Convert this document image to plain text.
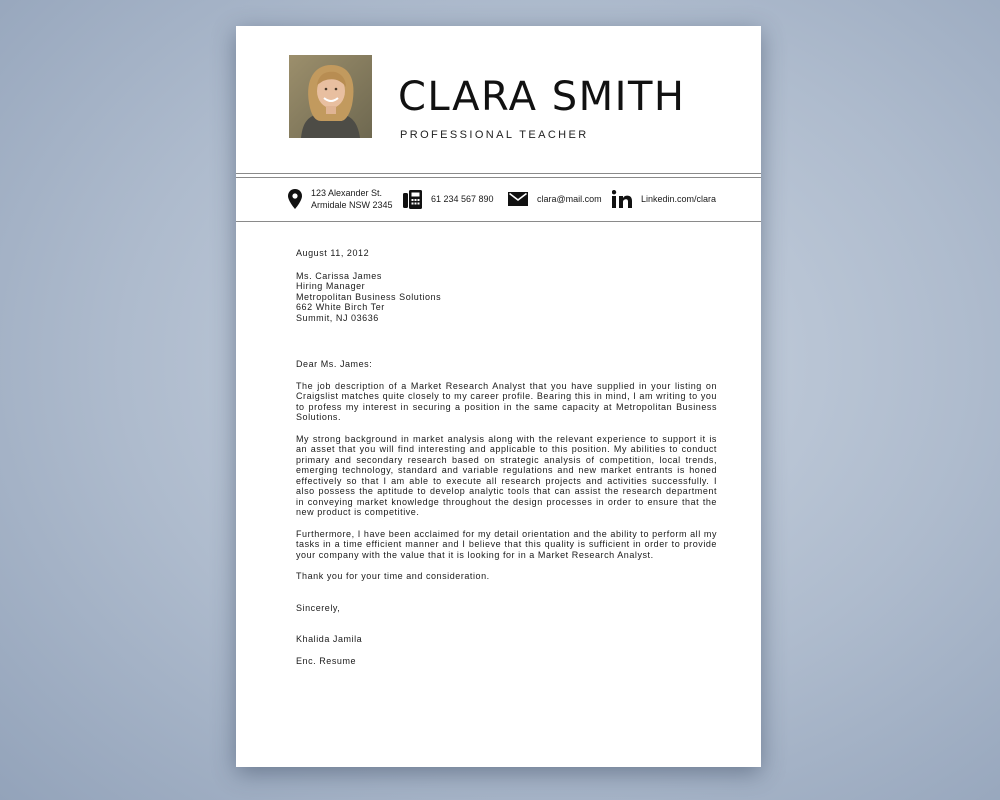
CLARA SMITH
PROFESSIONAL TEACHER
123 Alexander St.
Armidale NSW 2345
61 234 567 890	clara@mail.com	Linkedin.com/clara

August 11, 2012

Ms. Carissa James
Hiring Manager
Metropolitan Business Solutions
662 White Birch Ter
Summit, NJ 03636

Dear Ms. James:

The job description of a Market Research Analyst that you have supplied in your listing on Craigslist matches quite closely to my career profile. Bearing this in mind, I am writing to you to profess my interest in securing a position in the same capacity at Metropolitan Business Solutions.

My strong background in market analysis along with the relevant experience to support it is an asset that you will find interesting and applicable to this position. My abilities to conduct primary and secondary research based on strategic analysis of competition, local trends, emerging technology, standard and variable regulations and new market entrants is honed effectively so that I am able to execute all research projects and activities successfully. I also possess the aptitude to develop analytic tools that can assist the research department in conveying market knowledge throughout the design processes in order to ensure that the new product is competitive.

Furthermore, I have been acclaimed for my detail orientation and the ability to perform all my tasks in a time efficient manner and I believe that this quality is sufficient in order to provide your company with the value that it is looking for in a Market Research Analyst.

Thank you for your time and consideration.

Sincerely,

Khalida Jamila

Enc. Resume
